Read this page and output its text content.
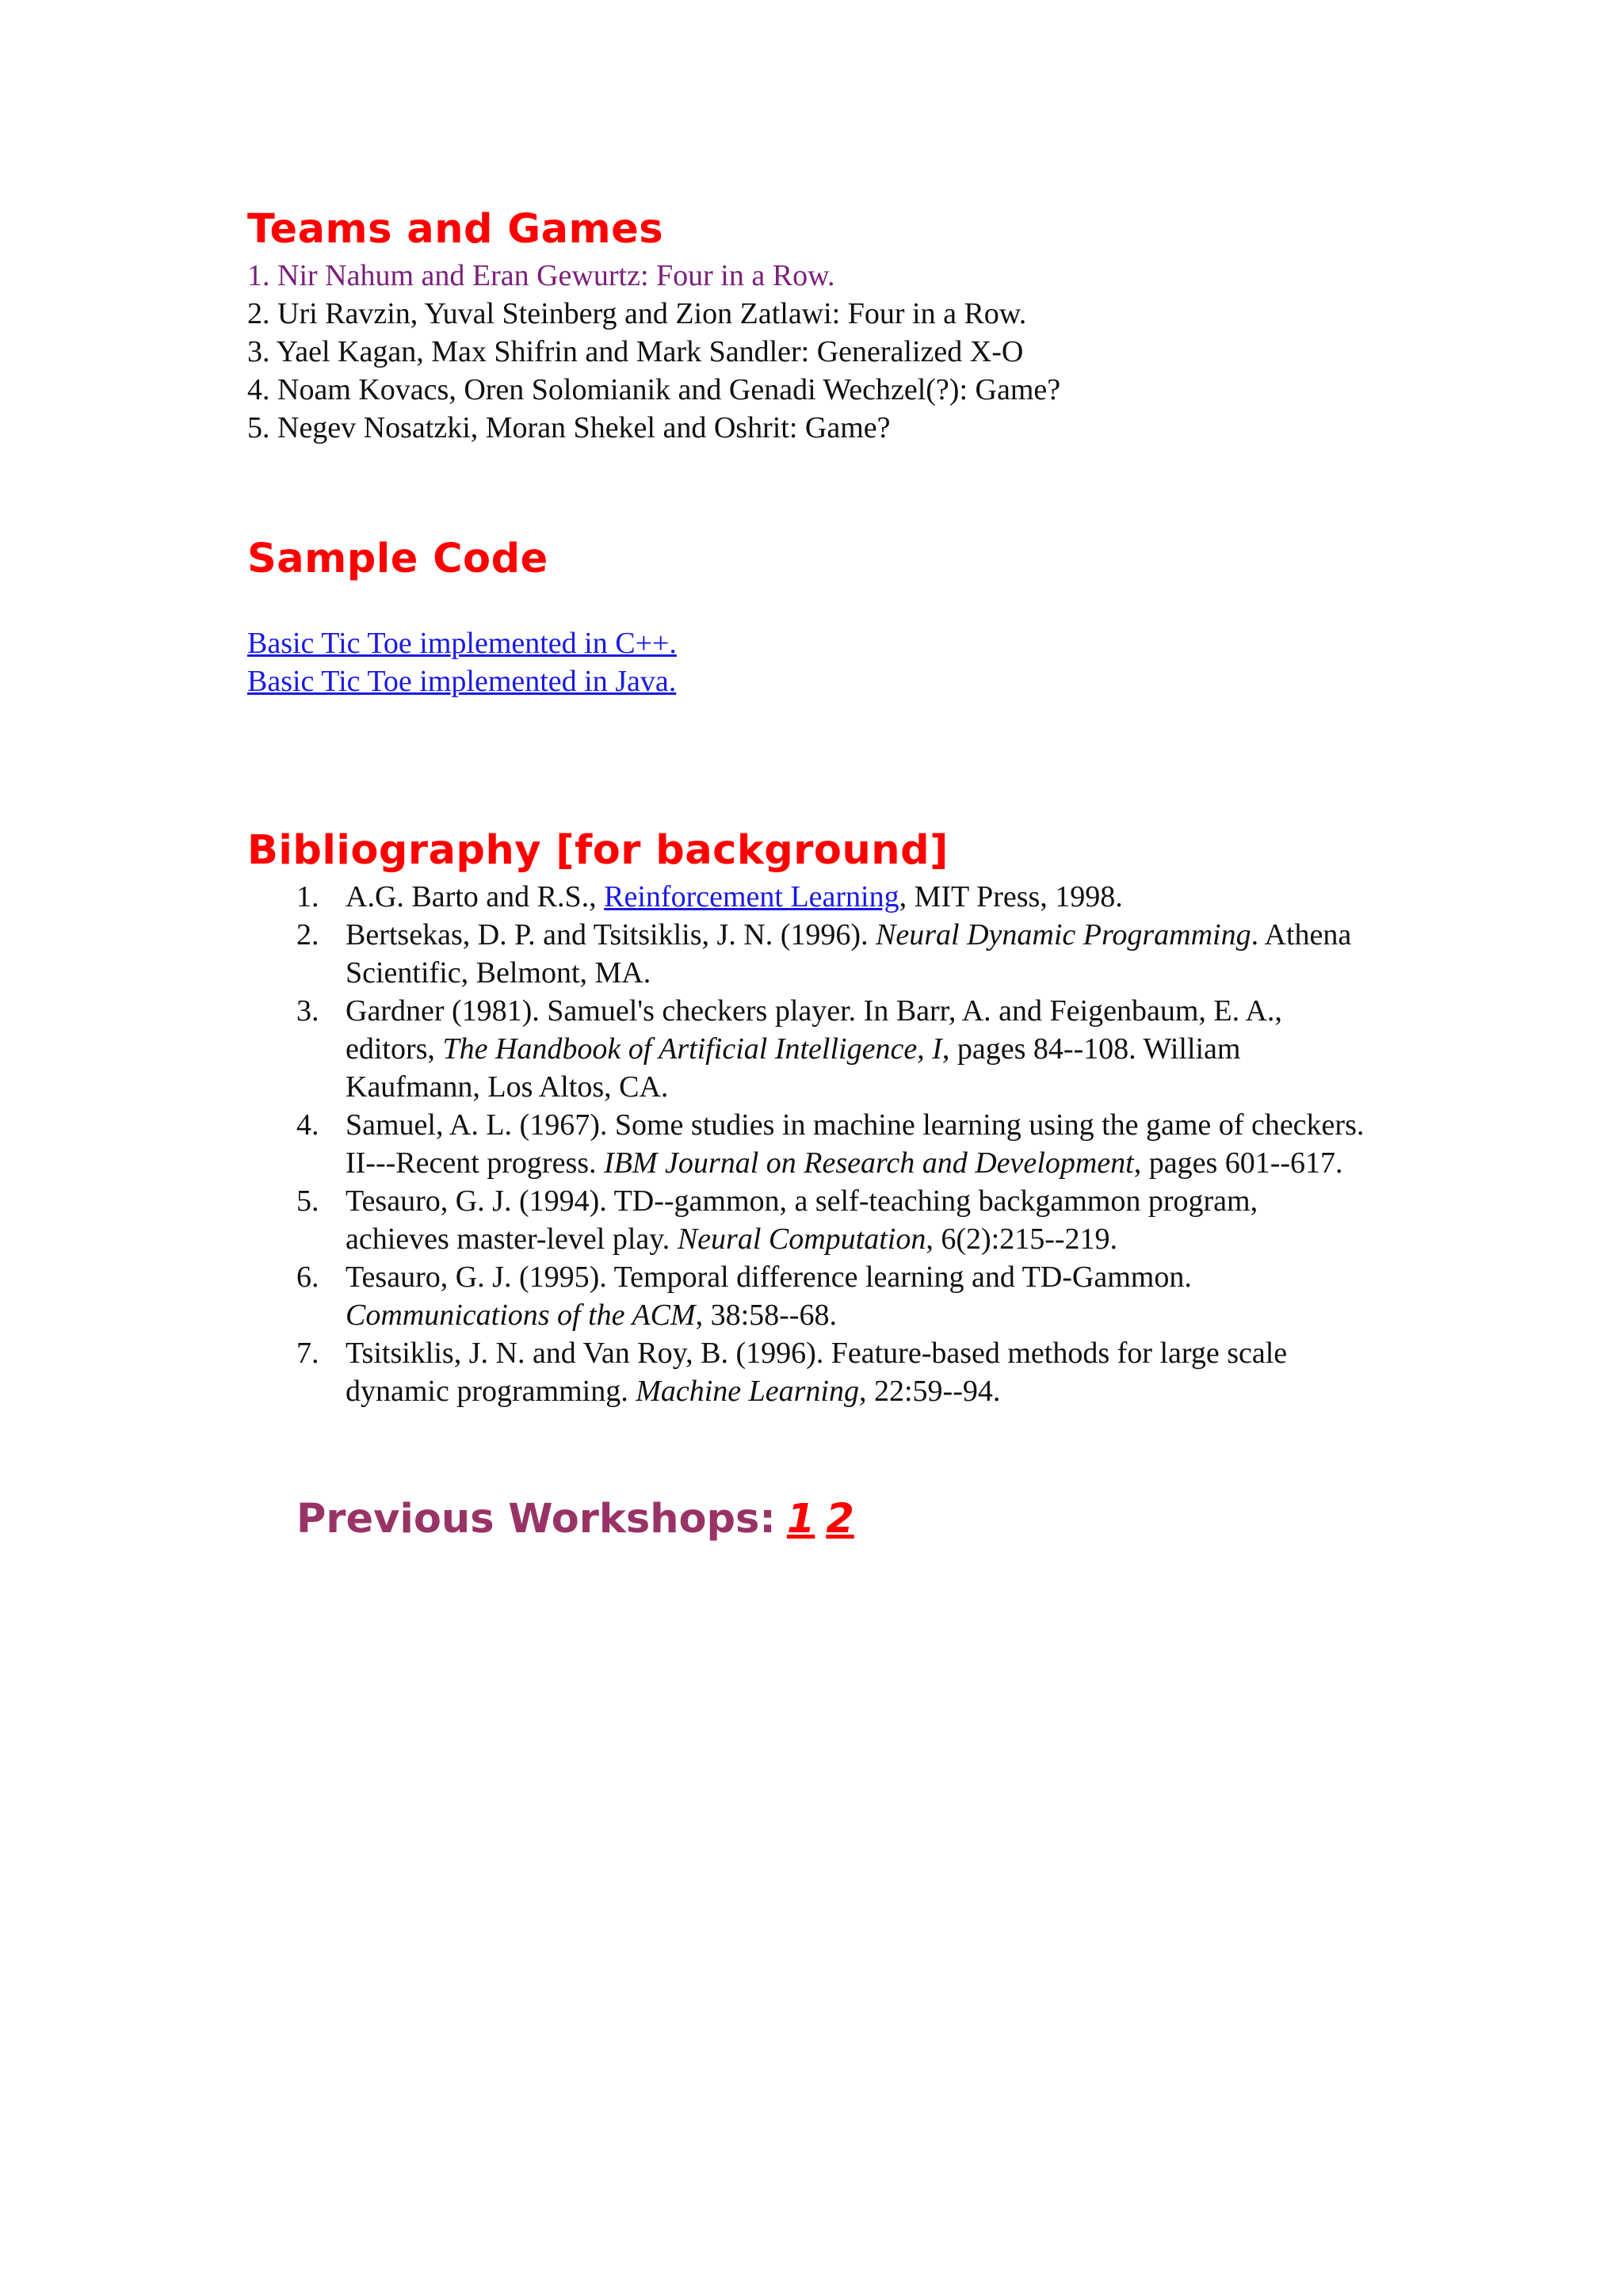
Teams and Games
1. Nir Nahum and Eran Gewurtz: Four in a Row.
2. Uri Ravzin, Yuval Steinberg and Zion Zatlawi: Four in a Row.
3. Yael Kagan, Max Shifrin and Mark Sandler: Generalized X-O
4. Noam Kovacs, Oren Solomianik and Genadi Wechzel(?): Game?
5. Negev Nosatzki, Moran Shekel and Oshrit: Game?
Sample Code
Basic Tic Toe implemented in C++.
Basic Tic Toe implemented in Java.
Bibliography [for background]
1. A.G. Barto and R.S., Reinforcement Learning, MIT Press, 1998.
2. Bertsekas, D. P. and Tsitsiklis, J. N. (1996). Neural Dynamic Programming. Athena Scientific, Belmont, MA.
3. Gardner (1981). Samuel's checkers player. In Barr, A. and Feigenbaum, E. A., editors, The Handbook of Artificial Intelligence, I, pages 84--108. William Kaufmann, Los Altos, CA.
4. Samuel, A. L. (1967). Some studies in machine learning using the game of checkers. II---Recent progress. IBM Journal on Research and Development, pages 601--617.
5. Tesauro, G. J. (1994). TD--gammon, a self-teaching backgammon program, achieves master-level play. Neural Computation, 6(2):215--219.
6. Tesauro, G. J. (1995). Temporal difference learning and TD-Gammon. Communications of the ACM, 38:58--68.
7. Tsitsiklis, J. N. and Van Roy, B. (1996). Feature-based methods for large scale dynamic programming. Machine Learning, 22:59--94.
Previous Workshops: 1 2
